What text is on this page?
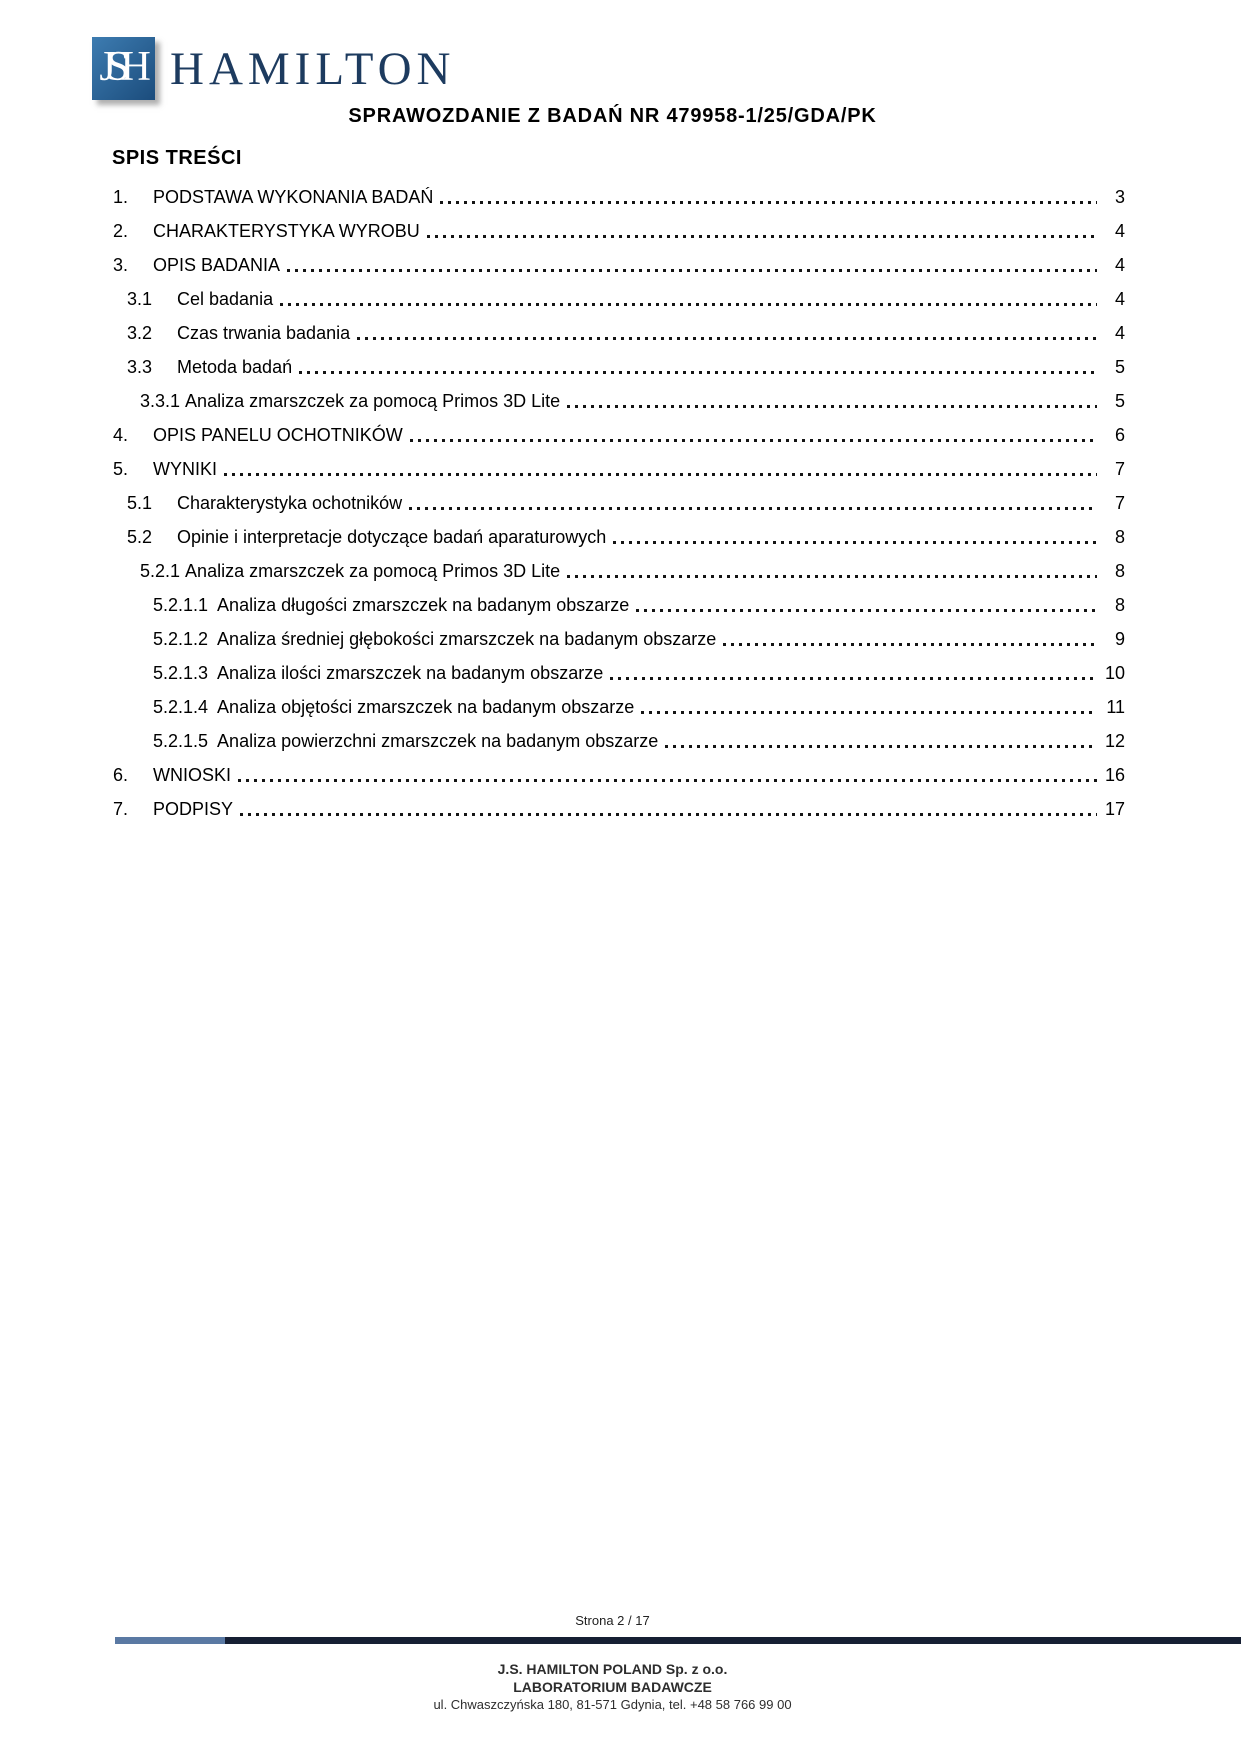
JSH HAMILTON
SPRAWOZDANIE Z BADAŃ NR 479958-1/25/GDA/PK
SPIS TREŚCI
1.	PODSTAWA WYKONANIA BADAŃ	3
2.	CHARAKTERYSTYKA WYROBU	4
3.	OPIS BADANIA	4
3.1	Cel badania	4
3.2	Czas trwania badania	4
3.3	Metoda badań	5
3.3.1 Analiza zmarszczek za pomocą Primos 3D Lite	5
4.	OPIS PANELU OCHOTNIKÓW	6
5.	WYNIKI	7
5.1	Charakterystyka ochotników	7
5.2	Opinie i interpretacje dotyczące badań aparaturowych	8
5.2.1 Analiza zmarszczek za pomocą Primos 3D Lite	8
5.2.1.1 Analiza długości zmarszczek na badanym obszarze	8
5.2.1.2 Analiza średniej głębokości zmarszczek na badanym obszarze	9
5.2.1.3 Analiza ilości zmarszczek na badanym obszarze	10
5.2.1.4 Analiza objętości zmarszczek na badanym obszarze	11
5.2.1.5 Analiza powierzchni zmarszczek na badanym obszarze	12
6.	WNIOSKI	16
7.	PODPISY	17
Strona 2 / 17
J.S. HAMILTON POLAND Sp. z o.o.
LABORATORIUM BADAWCZE
ul. Chwaszczyńska 180, 81-571 Gdynia, tel. +48 58 766 99 00
